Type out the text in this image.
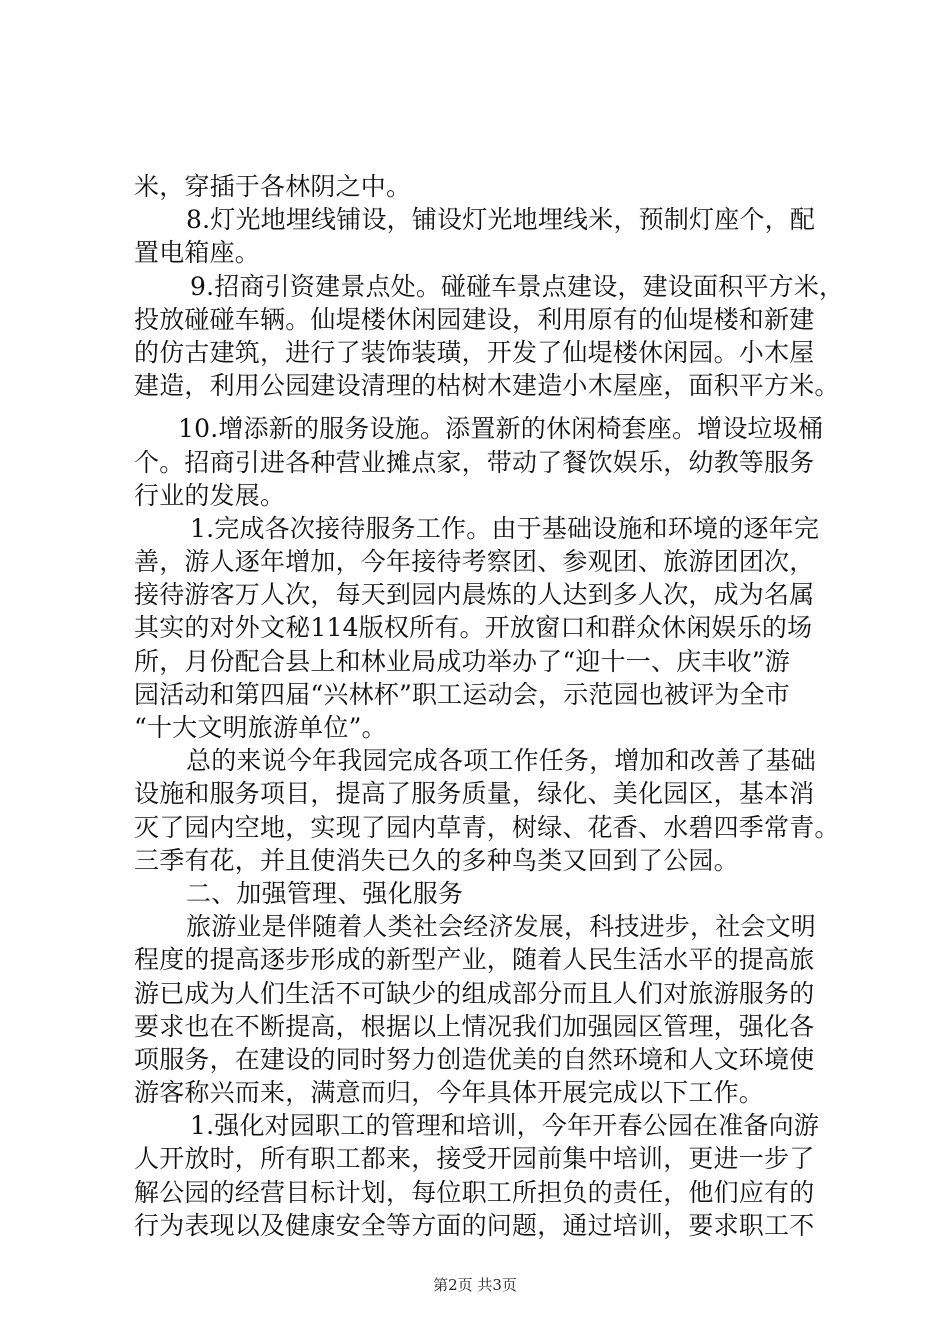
米，穿插于各林阴之中。
8.灯光地埋线铺设，铺设灯光地埋线米，预制灯座个，配
置电箱座。
9.招商引资建景点处。碰碰车景点建设，建设面积平方米，
投放碰碰车辆。仙堤楼休闲园建设，利用原有的仙堤楼和新建
的仿古建筑，进行了装饰装璜，开发了仙堤楼休闲园。小木屋
建造，利用公园建设清理的枯树木建造小木屋座，面积平方米。
10.增添新的服务设施。添置新的休闲椅套座。增设垃圾桶
个。招商引进各种营业摊点家，带动了餐饮娱乐，幼教等服务
行业的发展。
1.完成各次接待服务工作。由于基础设施和环境的逐年完
善，游人逐年增加，今年接待考察团、参观团、旅游团团次，
接待游客万人次，每天到园内晨炼的人达到多人次，成为名属
其实的对外文秘114版权所有。开放窗口和群众休闲娱乐的场
所，月份配合县上和林业局成功举办了“迎十一、庆丰收”游
园活动和第四届“兴林杯”职工运动会，示范园也被评为全市
“十大文明旅游单位”。
总的来说今年我园完成各项工作任务，增加和改善了基础
设施和服务项目，提高了服务质量，绿化、美化园区，基本消
灭了园内空地，实现了园内草青，树绿、花香、水碧四季常青。
三季有花，并且使消失已久的多种鸟类又回到了公园。
二、加强管理、强化服务
旅游业是伴随着人类社会经济发展，科技进步，社会文明
程度的提高逐步形成的新型产业，随着人民生活水平的提高旅
游已成为人们生活不可缺少的组成部分而且人们对旅游服务的
要求也在不断提高，根据以上情况我们加强园区管理，强化各
项服务，在建设的同时努力创造优美的自然环境和人文环境使
游客称兴而来，满意而归，今年具体开展完成以下工作。
1.强化对园职工的管理和培训，今年开春公园在准备向游
人开放时，所有职工都来，接受开园前集中培训，更进一步了
解公园的经营目标计划，每位职工所担负的责任，他们应有的
行为表现以及健康安全等方面的问题，通过培训，要求职工不
第2页 共3页
